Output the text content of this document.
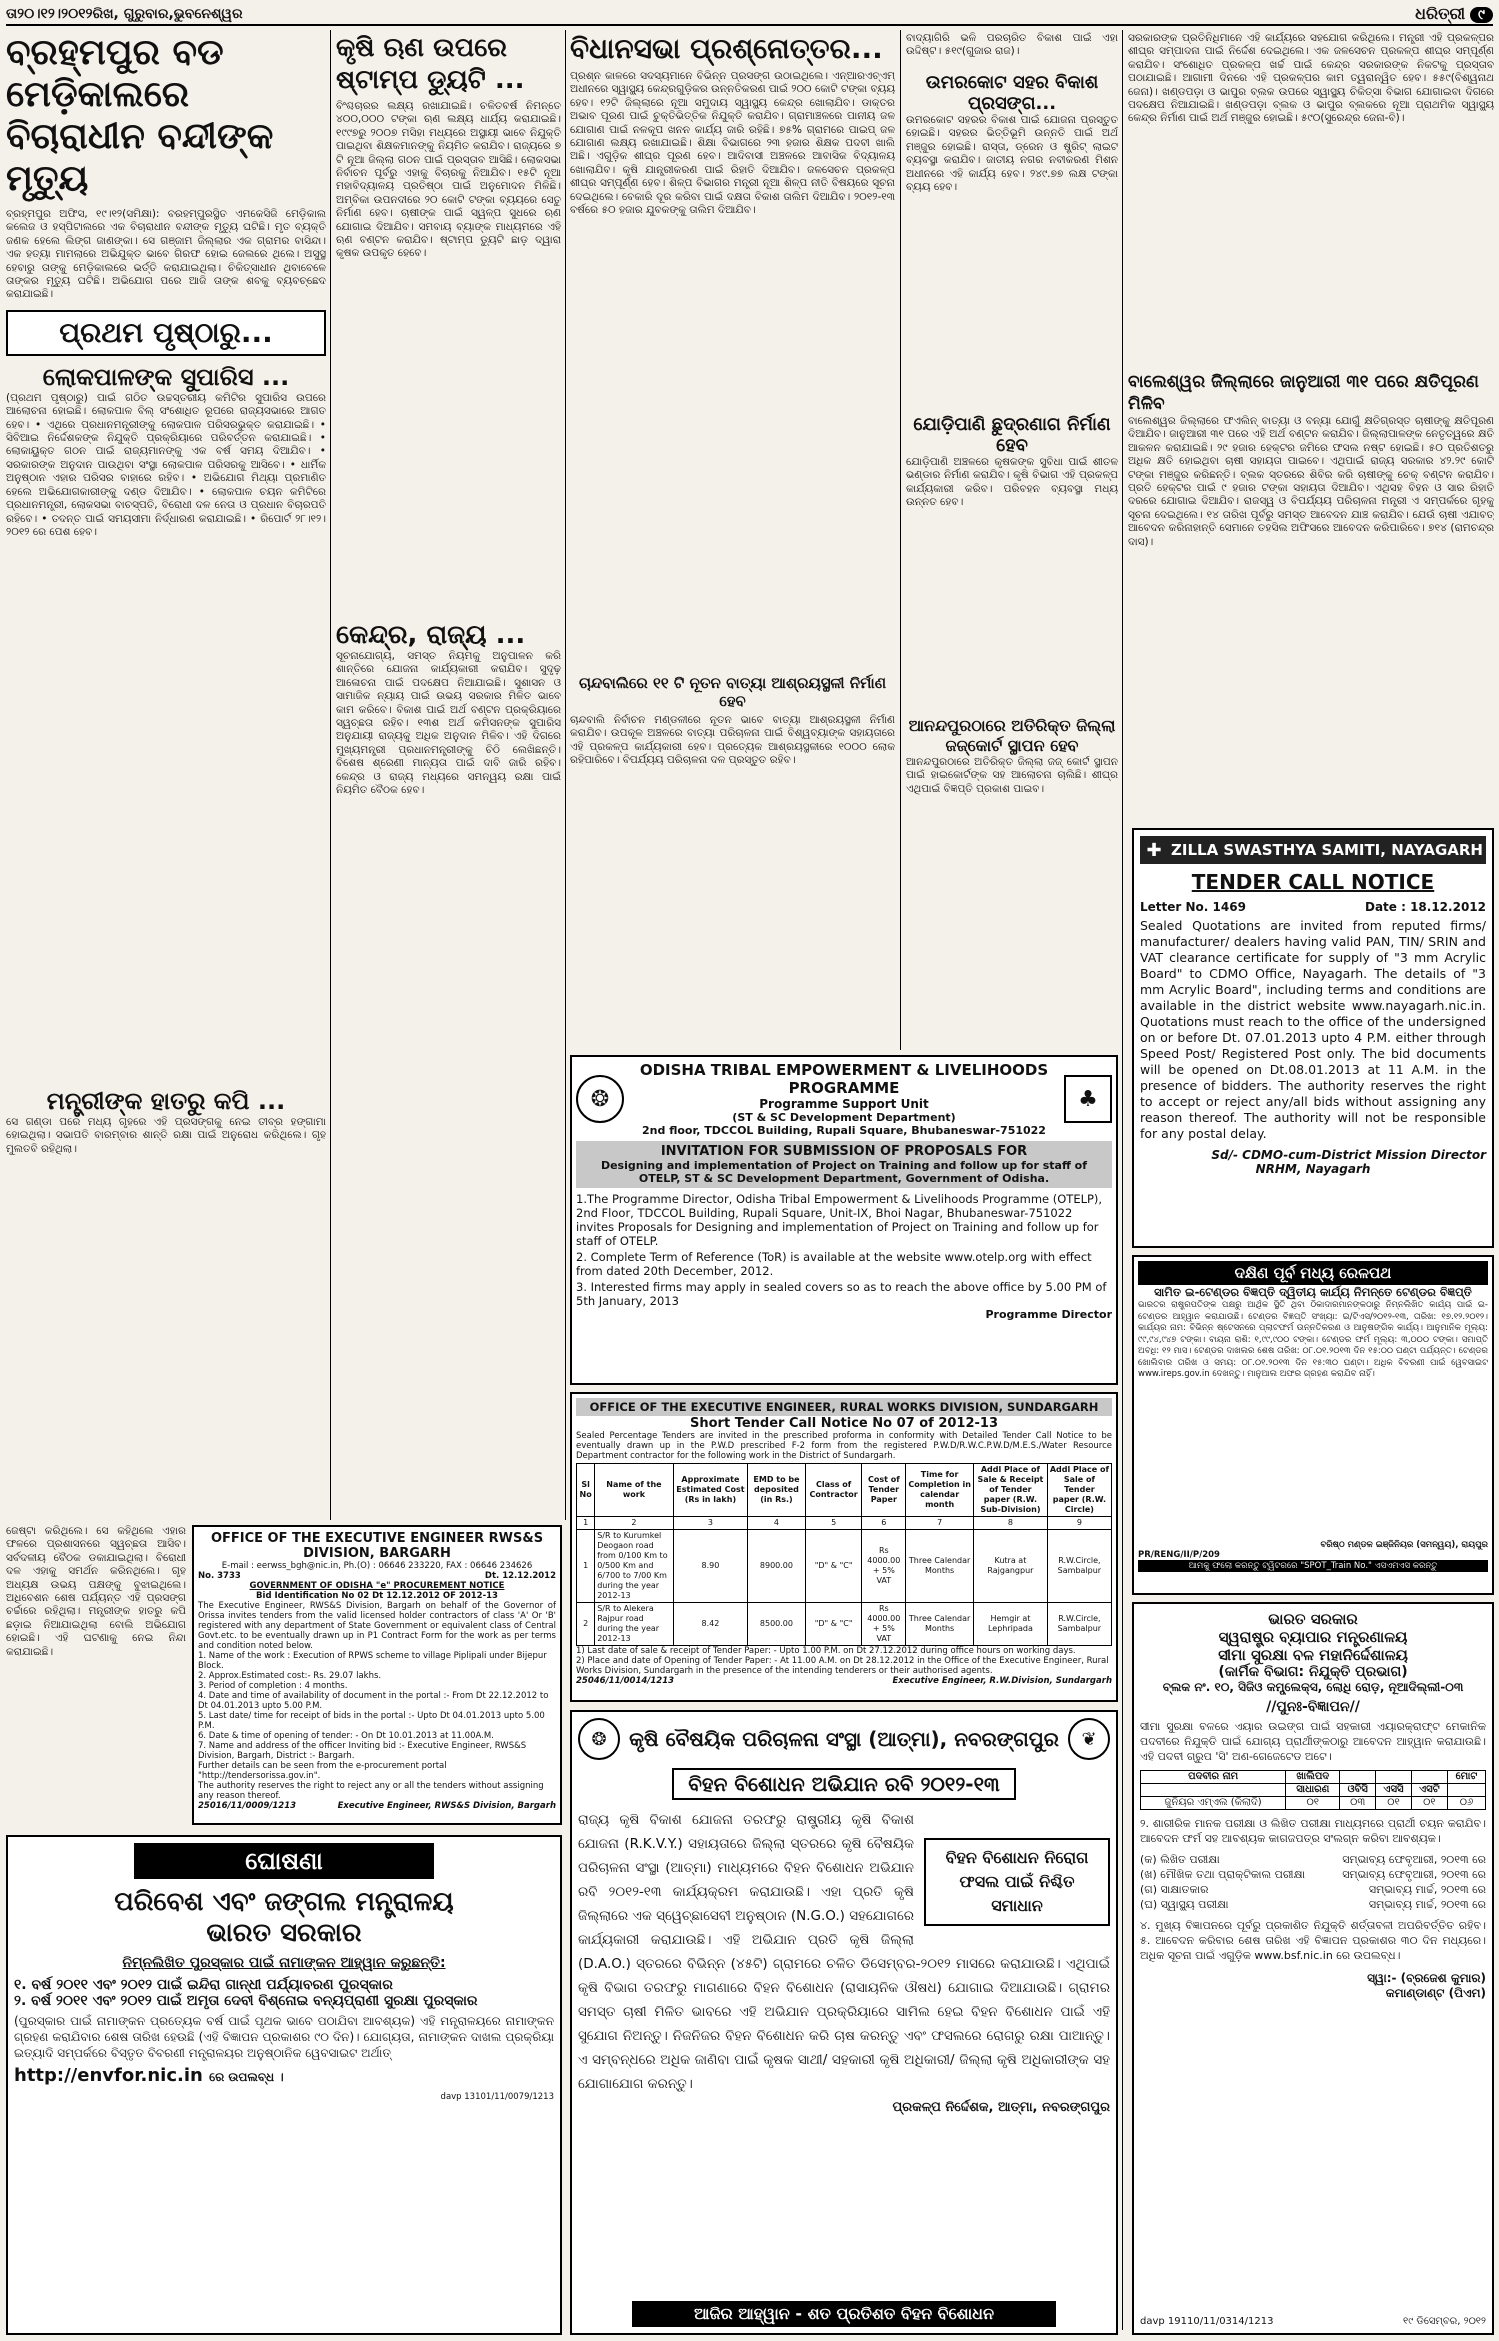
ତା୨୦।୧୨।୨୦୧୨ରିଖ, ଗୁରୁବାର,ଭୁବନେଶ୍ୱର	ଧରିତ୍ରୀ ୯
ବ୍ରହ୍ମପୁର ବଡ ମେଡ଼ିକାଲରେ ବିଚାରାଧୀନ ବନ୍ଦୀଙ୍କ ମୃତ୍ୟୁ
ବ୍ରହ୍ମପୁର ଅଫିସ, ୧୯।୧୨(ସମିକ୍ଷା): ବରହମ୍ପୁରସ୍ଥିତ ଏମକେସିଜି ମେଡ଼ିକାଲ କଲେଜ ଓ ହସ୍ପିଟାଲରେ ଏକ ବିଚାରାଧୀନ ବନ୍ଦୀଙ୍କ ମୃତ୍ୟୁ ଘଟିଛି। ମୃତ ବ୍ୟକ୍ତି ଜଣକ ହେଲେ ଲିଙ୍ଗ ଜାଣଙ୍କା। ସେ ଗଞ୍ଜାମ ଜିଲ୍ଲାର ଏକ ଗ୍ରାମର ବାସିନ୍ଦା। ଏକ ହତ୍ୟା ମାମଲାରେ ଅଭିଯୁକ୍ତ ଭାବେ ଗିରଫ ହୋଇ ଜେଲରେ ଥିଲେ। ଅସୁସ୍ଥ ହେବାରୁ ତାଙ୍କୁ ମେଡ଼ିକାଲରେ ଭର୍ତ୍ତି କରାଯାଇଥିଲା। ଚିକିତ୍ସାଧୀନ ଥିବାବେଳେ ତାଙ୍କର ମୃତ୍ୟୁ ଘଟିଛି। ଅଭିଯୋଗ ପରେ ଆଜି ତାଙ୍କ ଶବକୁ ବ୍ୟବଚ୍ଛେଦ କରାଯାଇଛି।
ପ୍ରଥମ ପୃଷ୍ଠାରୁ...
ଲୋକପାଳଙ୍କ ସୁପାରିସ ...
(ପ୍ରଥମ ପୃଷ୍ଠାରୁ) ପାଇଁ ଗଠିତ ଉଚ୍ଚସ୍ତରୀୟ କମିଟିର ସୁପାରିସ ଉପରେ ଆଲୋଚନା ହୋଇଛି। ଲୋକପାଳ ବିଲ୍ ସଂଶୋଧିତ ରୂପରେ ରାଜ୍ୟସଭାରେ ଆଗତ ହେବ। • ଏଥିରେ ପ୍ରଧାନମନ୍ତ୍ରୀଙ୍କୁ ଲୋକପାଳ ପରିସରଭୁକ୍ତ କରାଯାଇଛି। • ସିବିଆଇ ନିର୍ଦ୍ଦେଶକଙ୍କ ନିଯୁକ୍ତି ପ୍ରକ୍ରିୟାରେ ପରିବର୍ତ୍ତନ କରାଯାଇଛି। • ଲୋକାୟୁକ୍ତ ଗଠନ ପାଇଁ ରାଜ୍ୟମାନଙ୍କୁ ଏକ ବର୍ଷ ସମୟ ଦିଆଯିବ। • ସରକାରଙ୍କ ଅନୁଦାନ ପାଉଥିବା ସଂସ୍ଥା ଲୋକପାଳ ପରିସରକୁ ଆସିବେ। • ଧାର୍ମିକ ଅନୁଷ୍ଠାନ ଏହାର ପରିସର ବାହାରେ ରହିବ। • ଅଭିଯୋଗ ମିଥ୍ୟା ପ୍ରମାଣିତ ହେଲେ ଅଭିଯୋଗକାରୀଙ୍କୁ ଦଣ୍ଡ ଦିଆଯିବ। • ଲୋକପାଳ ଚୟନ କମିଟିରେ ପ୍ରଧାନମନ୍ତ୍ରୀ, ଲୋକସଭା ବାଚସ୍ପତି, ବିରୋଧୀ ଦଳ ନେତା ଓ ପ୍ରଧାନ ବିଚାରପତି ରହିବେ। • ତଦନ୍ତ ପାଇଁ ସମୟସୀମା ନିର୍ଦ୍ଧାରଣ କରାଯାଇଛି। • ରିପୋର୍ଟ ୨୮।୧୨।୨୦୧୨ ରେ ପେଶ ହେବ।
ମନ୍ତ୍ରୀଙ୍କ ହାତରୁ କପି ...
ସେ ଗଣ୍ଡା ପରେ ମଧ୍ୟ ଗୃହରେ ଏହି ପ୍ରସଙ୍ଗକୁ ନେଇ ତୀବ୍ର ହଙ୍ଗାମା ହୋଇଥିଲା। ସଭାପତି ବାରମ୍ବାର ଶାନ୍ତି ରକ୍ଷା ପାଇଁ ଅନୁରୋଧ କରିଥିଲେ। ଗୃହ ମୁଲତବି ରହିଥିଲା।
ଜେଷ୍ଟା କରିଥିଲେ। ସେ କହିଥିଲେ ଏହାର ଫଳରେ ପ୍ରଶାସନରେ ସ୍ୱଚ୍ଛତା ଆସିବ। ସର୍ବଦଳୀୟ ବୈଠକ ଡକାଯାଇଥିଲା। ବିରୋଧୀ ଦଳ ଏହାକୁ ସମର୍ଥନ କରିନଥିଲେ। ଗୃହ ଅଧ୍ୟକ୍ଷ ଉଭୟ ପକ୍ଷଙ୍କୁ ବୁଝାଇଥିଲେ। ଅଧିବେଶନ ଶେଷ ପର୍ଯ୍ୟନ୍ତ ଏହି ପ୍ରସଙ୍ଗ ଚର୍ଚ୍ଚାରେ ରହିଥିଲା। ମନ୍ତ୍ରୀଙ୍କ ହାତରୁ କପି ଛଡ଼ାଇ ନିଆଯାଇଥିଲା ବୋଲି ଅଭିଯୋଗ ହୋଇଛି। ଏହି ଘଟଣାକୁ ନେଇ ନିନ୍ଦା କରାଯାଇଛି।
OFFICE OF THE EXECUTIVE ENGINEER RWS&S DIVISION, BARGARH
E-mail : eerwss_bgh@nic.in, Ph.(O) : 06646 233220, FAX : 06646 234626
No. 3733	Dt. 12.12.2012
GOVERNMENT OF ODISHA "e" PROCUREMENT NOTICE
Bid Identification No 02 Dt 12.12.2012 OF 2012-13
The Executive Engineer, RWS&S Division, Bargarh on behalf of the Governor of Orissa invites tenders from the valid licensed holder contractors of class 'A' Or 'B' registered with any department of State Government or equivalent class of Central Govt.etc. to be eventually drawn up in P1 Contract Form for the work as per terms and condition noted below.
1. Name of the work : Execution of RPWS scheme to village Piplipali under Bijepur Block.
2. Approx.Estimated cost:- Rs. 29.07 lakhs.
3. Period of completion : 4 months.
4. Date and time of availability of document in the portal :- From Dt 22.12.2012 to Dt 04.01.2013 upto 5.00 P.M.
5. Last date/ time for receipt of bids in the portal :- Upto Dt 04.01.2013 upto 5.00 P.M.
6. Date & time of opening of tender: - On Dt 10.01.2013 at 11.00A.M.
7. Name and address of the officer Inviting bid :- Executive Engineer, RWS&S Division, Bargarh, District :- Bargarh.
Further details can be seen from the e-procurement portal "http://tendersorissa.gov.in".
The authority reserves the right to reject any or all the tenders without assigning any reason thereof.
25016/11/0009/1213	Executive Engineer, RWS&S Division, Bargarh
ଘୋଷଣା
ପରିବେଶ ଏବଂ ଜଙ୍ଗଲ ମନ୍ତ୍ରାଳୟ
ଭାରତ ସରକାର
ନିମ୍ନଲିଖିତ ପୁରସ୍କାର ପାଇଁ ନାମାଙ୍କନ ଆହ୍ୱାନ କରୁଛନ୍ତି:
୧. ବର୍ଷ ୨୦୧୧ ଏବଂ ୨୦୧୨ ପାଇଁ ଇନ୍ଦିରା ଗାନ୍ଧୀ ପର୍ଯ୍ୟାବରଣ ପୁରସ୍କାର
୨. ବର୍ଷ ୨୦୧୧ ଏବଂ ୨୦୧୨ ପାଇଁ ଅମୃତା ଦେବୀ ବିଶ୍ନୋଇ ବନ୍ୟପ୍ରାଣୀ ସୁରକ୍ଷା ପୁରସ୍କାର
(ପୁରସ୍କାର ପାଇଁ ନାମାଙ୍କନ ପ୍ରତ୍ୟେକ ବର୍ଷ ପାଇଁ ପୃଥକ ଭାବେ ପଠାଯିବା ଆବଶ୍ୟକ) ଏହି ମନ୍ତ୍ରାଳୟରେ ନାମାଙ୍କନ ଗ୍ରହଣ କରାଯିବାର ଶେଷ ତାରିଖ ହେଉଛି (ଏହି ବିଜ୍ଞାପନ ପ୍ରକାଶର ୯୦ ଦିନ)। ଯୋଗ୍ୟତା, ନାମାଙ୍କନ ଦାଖଲ ପ୍ରକ୍ରିୟା ଇତ୍ୟାଦି ସମ୍ପର୍କରେ ବିସ୍ତୃତ ବିବରଣୀ ମନ୍ତ୍ରାଳୟର ଅନୁଷ୍ଠାନିକ ୱେବସାଇଟ ଅର୍ଥାତ୍
http://envfor.nic.in ରେ ଉପଲବ୍ଧ ।
davp 13101/11/0079/1213
କୃଷି ଋଣ ଉପରେ ଷ୍ଟାମ୍ପ ଡ୍ୟୁଟି ...
ବିଂଶ୍ଚଚାରର ଲକ୍ଷ୍ୟ ରଖାଯାଇଛି। ଚଳିତବର୍ଷ ନିମନ୍ତେ ୪୦୦,୦୦୦ ଟଙ୍କା ଋଣ ଲକ୍ଷ୍ୟ ଧାର୍ଯ୍ୟ କରାଯାଇଛି। ୧୯୯୭ରୁ ୨୦୦୭ ମସିହା ମଧ୍ୟରେ ଅସ୍ଥାୟୀ ଭାବେ ନିଯୁକ୍ତି ପାଇଥିବା ଶିକ୍ଷକମାନଙ୍କୁ ନିୟମିତ କରାଯିବ। ରାଜ୍ୟରେ ୭ ଟି ନୂଆ ଜିଲ୍ଲା ଗଠନ ପାଇଁ ପ୍ରସ୍ତାବ ଆସିଛି। ଲୋକସଭା ନିର୍ବାଚନ ପୂର୍ବରୁ ଏହାକୁ ବିଚାରକୁ ନିଆଯିବ। ୧୫ଟି ନୂଆ ମହାବିଦ୍ୟାଳୟ ପ୍ରତିଷ୍ଠା ପାଇଁ ଅନୁମୋଦନ ମିଳିଛି। ଅମ୍ବିକା ଉପନଦୀରେ ୨୦ କୋଟି ଟଙ୍କା ବ୍ୟୟରେ ସେତୁ ନିର୍ମାଣ ହେବ। ଚାଷୀଙ୍କ ପାଇଁ ସ୍ୱଳ୍ପ ସୁଧରେ ଋଣ ଯୋଗାଇ ଦିଆଯିବ। ସମବାୟ ବ୍ୟାଙ୍କ ମାଧ୍ୟମରେ ଏହି ଋଣ ବଣ୍ଟନ କରାଯିବ। ଷ୍ଟାମ୍ପ ଡ୍ୟୁଟି ଛାଡ଼ ଦ୍ୱାରା କୃଷକ ଉପକୃତ ହେବେ।
କେନ୍ଦ୍ର, ରାଜ୍ୟ ...
ସୂଚନାଯୋଗ୍ୟ, ସମସ୍ତ ନିୟମକୁ ଅନୁପାଳନ କରି ଶାନ୍ତିରେ ଯୋଜନା କାର୍ଯ୍ୟକାରୀ କରାଯିବ। ସୁଦୃଢ଼ ଆଳୋଚନା ପାଇଁ ପଦକ୍ଷେପ ନିଆଯାଇଛି। ସୁଶାସନ ଓ ସାମାଜିକ ନ୍ୟାୟ ପାଇଁ ଉଭୟ ସରକାର ମିଳିତ ଭାବେ କାମ କରିବେ। ବିକାଶ ପାଇଁ ଅର୍ଥ ବଣ୍ଟନ ପ୍ରକ୍ରିୟାରେ ସ୍ୱଚ୍ଛତା ରହିବ। ୧୩ଶ ଅର୍ଥ କମିସନଙ୍କ ସୁପାରିସ ଅନୁଯାୟୀ ରାଜ୍ୟକୁ ଅଧିକ ଅନୁଦାନ ମିଳିବ। ଏହି ଦିଗରେ ମୁଖ୍ୟମନ୍ତ୍ରୀ ପ୍ରଧାନମନ୍ତ୍ରୀଙ୍କୁ ଚିଠି ଲେଖିଛନ୍ତି। ବିଶେଷ ଶ୍ରେଣୀ ମାନ୍ୟତା ପାଇଁ ଦାବି ଜାରି ରହିବ। କେନ୍ଦ୍ର ଓ ରାଜ୍ୟ ମଧ୍ୟରେ ସମନ୍ୱୟ ରକ୍ଷା ପାଇଁ ନିୟମିତ ବୈଠକ ହେବ।
ବିଧାନସଭା ପ୍ରଶ୍ନୋତ୍ତର...
ପ୍ରଶ୍ନ କାଳରେ ସଦସ୍ୟମାନେ ବିଭିନ୍ନ ପ୍ରସଙ୍ଗ ଉଠାଇଥିଲେ। ଏନ୍ଆରଏଚ୍ଏମ୍ ଅଧୀନରେ ସ୍ୱାସ୍ଥ୍ୟ କେନ୍ଦ୍ରଗୁଡ଼ିକର ଉନ୍ନତିକରଣ ପାଇଁ ୨୦୦ କୋଟି ଟଙ୍କା ବ୍ୟୟ ହେବ। ୧୨ଟି ଜିଲ୍ଲାରେ ନୂଆ ସମୁଦାୟ ସ୍ୱାସ୍ଥ୍ୟ କେନ୍ଦ୍ର ଖୋଲାଯିବ। ଡାକ୍ତର ଅଭାବ ପୂରଣ ପାଇଁ ଚୁକ୍ତିଭିତ୍ତିକ ନିଯୁକ୍ତି କରାଯିବ। ଗ୍ରାମାଞ୍ଚଳରେ ପାନୀୟ ଜଳ ଯୋଗାଣ ପାଇଁ ନଳକୂପ ଖନନ କାର୍ଯ୍ୟ ଜାରି ରହିଛି। ୭୫% ଗ୍ରାମରେ ପାଇପ୍ ଜଳ ଯୋଗାଣ ଲକ୍ଷ୍ୟ ରଖାଯାଇଛି। ଶିକ୍ଷା ବିଭାଗରେ ୨୩ ହଜାର ଶିକ୍ଷକ ପଦବୀ ଖାଲି ଅଛି। ଏଗୁଡ଼ିକ ଶୀଘ୍ର ପୂରଣ ହେବ। ଆଦିବାସୀ ଅଞ୍ଚଳରେ ଆବାସିକ ବିଦ୍ୟାଳୟ ଖୋଲାଯିବ। କୃଷି ଯାନ୍ତ୍ରୀକରଣ ପାଇଁ ରିହାତି ଦିଆଯିବ। ଜଳସେଚନ ପ୍ରକଳ୍ପ ଶୀଘ୍ର ସମ୍ପୂର୍ଣ୍ଣ ହେବ। ଶିଳ୍ପ ବିଭାଗର ମନ୍ତ୍ରୀ ନୂଆ ଶିଳ୍ପ ନୀତି ବିଷୟରେ ସୂଚନା ଦେଇଥିଲେ। ବେକାରି ଦୂର କରିବା ପାଇଁ ଦକ୍ଷତା ବିକାଶ ତାଲିମ ଦିଆଯିବ। ୨୦୧୨-୧୩ ବର୍ଷରେ ୫୦ ହଜାର ଯୁବକଙ୍କୁ ତାଲିମ ଦିଆଯିବ।
ଚାନ୍ଦବାଲିରେ ୧୧ ଟି ନୂତନ ବାତ୍ୟା ଆଶ୍ରୟସ୍ଥଳୀ ନିର୍ମାଣ ହେବ
ଚାନ୍ଦବାଲି ନିର୍ବାଚନ ମଣ୍ଡଳୀରେ ନୂତନ ଭାବେ ବାତ୍ୟା ଆଶ୍ରୟସ୍ଥଳୀ ନିର୍ମାଣ କରାଯିବ। ଉପକୂଳ ଅଞ୍ଚଳରେ ବାତ୍ୟା ପରିଚାଳନା ପାଇଁ ବିଶ୍ୱବ୍ୟାଙ୍କ ସହାୟତାରେ ଏହି ପ୍ରକଳ୍ପ କାର୍ଯ୍ୟକାରୀ ହେବ। ପ୍ରତ୍ୟେକ ଆଶ୍ରୟସ୍ଥଳୀରେ ୧୦୦୦ ଲୋକ ରହିପାରିବେ। ବିପର୍ଯ୍ୟୟ ପରିଚାଳନା ଦଳ ପ୍ରସ୍ତୁତ ରହିବ।
ବାଦ୍ୟାଗିରି ଭଳି ପରଚାରିତ ବିକାଶ ପାଇଁ ଏହା ଉଦ୍ଦିଷ୍ଟ। ୫୧୯(ଗୁଜାର ରାଜ)।
ଉମରକୋଟ ସହର ବିକାଶ ପ୍ରସଙ୍ଗ...
ଉମରକୋଟ ସହରର ବିକାଶ ପାଇଁ ଯୋଜନା ପ୍ରସ୍ତୁତ ହୋଇଛି। ସହରର ଭିତ୍ତିଭୂମି ଉନ୍ନତି ପାଇଁ ଅର୍ଥ ମଞ୍ଜୁର ହୋଇଛି। ରାସ୍ତା, ଡ୍ରେନ ଓ ଷ୍ଟ୍ରିଟ୍ ଲାଇଟ ବ୍ୟବସ୍ଥା କରାଯିବ। ଜାତୀୟ ନଗର ନବୀକରଣ ମିଶନ ଅଧୀନରେ ଏହି କାର୍ଯ୍ୟ ହେବ। ୨୪୯.୭୭ ଲକ୍ଷ ଟଙ୍କା ବ୍ୟୟ ହେବ।
ଯୋଡ଼ିପାଣି ଛୁଦ୍ରଣାଗ ନିର୍ମାଣ ହେବ
ଯୋଡ଼ିପାଣି ଅଞ୍ଚଳରେ କୃଷକଙ୍କ ସୁବିଧା ପାଇଁ ଶୀତଳ ଭଣ୍ଡାର ନିର୍ମାଣ କରାଯିବ। କୃଷି ବିଭାଗ ଏହି ପ୍ରକଳ୍ପ କାର୍ଯ୍ୟକାରୀ କରିବ। ପରିବହନ ବ୍ୟବସ୍ଥା ମଧ୍ୟ ଉନ୍ନତ ହେବ।
ଆନନ୍ଦପୁରଠାରେ ଅତିରିକ୍ତ ଜିଲ୍ଲା ଜଜ୍‌କୋର୍ଟ ସ୍ଥାପନ ହେବ
ଆନନ୍ଦପୁରଠାରେ ଅତିରିକ୍ତ ଜିଲ୍ଲା ଜଜ୍ କୋର୍ଟ ସ୍ଥାପନ ପାଇଁ ହାଇକୋର୍ଟଙ୍କ ସହ ଆଲୋଚନା ଚାଲିଛି। ଶୀଘ୍ର ଏଥିପାଇଁ ବିଜ୍ଞପ୍ତି ପ୍ରକାଶ ପାଇବ।
❂
ODISHA TRIBAL EMPOWERMENT & LIVELIHOODS PROGRAMME
Programme Support Unit
(ST & SC Development Department)
2nd floor, TDCCOL Building, Rupali Square, Bhubaneswar-751022
♣
INVITATION FOR SUBMISSION OF PROPOSALS FOR
Designing and implementation of Project on Training and follow up for staff of OTELP, ST & SC Development Department, Government of Odisha.
1.The Programme Director, Odisha Tribal Empowerment & Livelihoods Programme (OTELP), 2nd Floor, TDCCOL Building, Rupali Square, Unit-IX, Bhoi Nagar, Bhubaneswar-751022 invites Proposals for Designing and implementation of Project on Training and follow up for staff of OTELP.
2. Complete Term of Reference (ToR) is available at the website www.otelp.org with effect from dated 20th December, 2012.
3. Interested firms may apply in sealed covers so as to reach the above office by 5.00 PM of 5th January, 2013
Programme Director
OFFICE OF THE EXECUTIVE ENGINEER, RURAL WORKS DIVISION, SUNDARGARH
Short Tender Call Notice No 07 of 2012-13
Sealed Percentage Tenders are invited in the prescribed proforma in conformity with Detailed Tender Call Notice to be eventually drawn up in the P.W.D prescribed F-2 form from the registered P.W.D/R.W.C.P.W.D/M.E.S./Water Resource Department contractor for the following work in the District of Sundargarh.
Sl No	Name of the work	Approximate Estimated Cost (Rs in lakh)	EMD to be deposited (in Rs.)	Class of Contractor	Cost of Tender Paper	Time for Completion in calendar month	Addl Place of Sale & Receipt of Tender paper (R.W. Sub-Division)	Addl Place of Sale of Tender paper (R.W. Circle)
1	2	3	4	5	6	7	8	9
1	S/R to Kurumkel Deogaon road from 0/100 Km to 0/500 Km and 6/700 to 7/00 Km during the year 2012-13	8.90	8900.00	"D" & "C"	Rs 4000.00 + 5% VAT	Three Calendar Months	Kutra at Rajgangpur	R.W.Circle, Sambalpur
2	S/R to Alekera Rajpur road during the year 2012-13	8.42	8500.00	"D" & "C"	Rs 4000.00 + 5% VAT	Three Calendar Months	Hemgir at Lephripada	R.W.Circle, Sambalpur
1) Last date of sale & receipt of Tender Paper: - Upto 1.00 P.M. on Dt 27.12.2012 during office hours on working days.
2) Place and date of Opening of Tender Paper: - At 11.00 A.M. on Dt 28.12.2012 in the Office of the Executive Engineer, Rural Works Division, Sundargarh in the presence of the intending tenderers or their authorised agents.
25046/11/0014/1213	Executive Engineer, R.W.Division, Sundargarh
❂	କୃଷି ବୈଷୟିକ ପରିଚାଳନା ସଂସ୍ଥା (ଆତ୍ମା), ନବରଙ୍ଗପୁର	❦
ବିହନ ବିଶୋଧନ ଅଭିଯାନ ରବି ୨୦୧୨-୧୩
ବିହନ ବିଶୋଧନ ନିରୋଗ ଫସଲ ପାଇଁ ନିଶ୍ଚିତ ସମାଧାନ
ରାଜ୍ୟ କୃଷି ବିକାଶ ଯୋଜନା ତରଫରୁ ରାଷ୍ଟ୍ରୀୟ କୃଷି ବିକାଶ ଯୋଜନା (R.K.V.Y.) ସହାୟତାରେ ଜିଲ୍ଲା ସ୍ତରରେ କୃଷି ବୈଷୟିକ ପରିଚାଳନା ସଂସ୍ଥା (ଆତ୍ମା) ମାଧ୍ୟମରେ ବିହନ ବିଶୋଧନ ଅଭିଯାନ ରବି ୨୦୧୨-୧୩ କାର୍ଯ୍ୟକ୍ରମ କରାଯାଉଛି। ଏହା ପ୍ରତି କୃଷି ଜିଲ୍ଲାରେ ଏକ ସ୍ୱେଚ୍ଛାସେବୀ ଅନୁଷ୍ଠାନ (N.G.O.) ସହଯୋଗରେ କାର୍ଯ୍ୟକାରୀ କରାଯାଉଛି। ଏହି ଅଭିଯାନ ପ୍ରତି କୃଷି ଜିଲ୍ଲା (D.A.O.) ସ୍ତରରେ ବିଭିନ୍ନ (୪୫ଟି) ଗ୍ରାମରେ ଚଳିତ ଡିସେମ୍ବର-୨୦୧୨ ମାସରେ କରାଯାଉଛି। ଏଥିପାଇଁ କୃଷି ବିଭାଗ ତରଫରୁ ମାଗଣାରେ ବିହନ ବିଶୋଧନ (ରାସାୟନିକ ଔଷଧ) ଯୋଗାଇ ଦିଆଯାଉଛି। ଗ୍ରାମର ସମସ୍ତ ଚାଷୀ ମିଳିତ ଭାବରେ ଏହି ଅଭିଯାନ ପ୍ରକ୍ରିୟାରେ ସାମିଲ ହେଇ ବିହନ ବିଶୋଧନ ପାଇଁ ଏହି ସୁଯୋଗ ନିଅନ୍ତୁ। ନିଜନିଜର ବିହନ ବିଶୋଧନ କରି ଚାଷ କରନ୍ତୁ ଏବଂ ଫସଲରେ ରୋଗରୁ ରକ୍ଷା ପାଆନ୍ତୁ। ଏ ସମ୍ବନ୍ଧରେ ଅଧିକ ଜାଣିବା ପାଇଁ କୃଷକ ସାଥୀ/ ସହକାରୀ କୃଷି ଅଧିକାରୀ/ ଜିଲ୍ଲା କୃଷି ଅଧିକାରୀଙ୍କ ସହ ଯୋଗାଯୋଗ କରନ୍ତୁ।
ପ୍ରକଳ୍ପ ନିର୍ଦ୍ଦେଶକ, ଆତ୍ମା, ନବରଙ୍ଗପୁର
ଆଜିର ଆହ୍ୱାନ - ଶତ ପ୍ରତିଶତ ବିହନ ବିଶୋଧନ
ସରକାରଙ୍କ ପ୍ରତିନିଧିମାନେ ଏହି କାର୍ଯ୍ୟରେ ସହଯୋଗ କରିଥିଲେ। ମନ୍ତ୍ରୀ ଏହି ପ୍ରକଳ୍ପର ଶୀଘ୍ର ସମ୍ପାଦନା ପାଇଁ ନିର୍ଦ୍ଦେଶ ଦେଇଥିଲେ। ଏକ ଜଳସେଚନ ପ୍ରକଳ୍ପ ଶୀଘ୍ର ସମ୍ପୂର୍ଣ୍ଣ କରାଯିବ। ସଂଶୋଧିତ ପ୍ରକଳ୍ପ ଖର୍ଚ୍ଚ ପାଇଁ କେନ୍ଦ୍ର ସରକାରଙ୍କ ନିକଟକୁ ପ୍ରସ୍ତାବ ପଠାଯାଇଛି। ଆଗାମୀ ଦିନରେ ଏହି ପ୍ରକଳ୍ପର କାମ ତ୍ୱରାନ୍ୱିତ ହେବ। ୫୫୯(ବିଶ୍ୱନାଥ ଜେନା)। ଖଣ୍ଡପଡ଼ା ଓ ଭାପୁର ବ୍ଲକ ଉପରେ ସ୍ୱାସ୍ଥ୍ୟ ଚିକିତ୍ସା ବିଭାଗ ଯୋଗାଇବା ଦିଗରେ ପଦକ୍ଷେପ ନିଆଯାଇଛି। ଖଣ୍ଡପଡ଼ା ବ୍ଲକ ଓ ଭାପୁର ବ୍ଲକରେ ନୂଆ ପ୍ରାଥମିକ ସ୍ୱାସ୍ଥ୍ୟ କେନ୍ଦ୍ର ନିର୍ମାଣ ପାଇଁ ଅର୍ଥ ମଞ୍ଜୁର ହୋଇଛି। ୫୯୦(ସୁରେନ୍ଦ୍ର ଜେନା-ବି)।
ବାଲେଶ୍ୱର ଜିଲ୍ଲାରେ ଜାନୁଆରୀ ୩୧ ପରେ କ୍ଷତିପୂରଣ ମିଳିବ
ବାଲେଶ୍ୱର ଜିଲ୍ଲାରେ ଫଏଲିନ୍ ବାତ୍ୟା ଓ ବନ୍ୟା ଯୋଗୁଁ କ୍ଷତିଗ୍ରସ୍ତ ଚାଷୀଙ୍କୁ କ୍ଷତିପୂରଣ ଦିଆଯିବ। ଜାନୁଆରୀ ୩୧ ପରେ ଏହି ଅର୍ଥ ବଣ୍ଟନ କରାଯିବ। ଜିଲ୍ଲାପାଳଙ୍କ ନେତୃତ୍ୱରେ କ୍ଷତି ଆକଳନ କରାଯାଇଛି। ୨୯ ହଜାର ହେକ୍ଟର ଜମିରେ ଫସଲ ନଷ୍ଟ ହୋଇଛି। ୫୦ ପ୍ରତିଶତରୁ ଅଧିକ କ୍ଷତି ହୋଇଥିବା ଚାଷୀ ସହାୟତା ପାଇବେ। ଏଥିପାଇଁ ରାଜ୍ୟ ସରକାର ୪୨.୨୯ କୋଟି ଟଙ୍କା ମଞ୍ଜୁର କରିଛନ୍ତି। ବ୍ଲକ ସ୍ତରରେ ଶିବିର କରି ଚାଷୀଙ୍କୁ ଚେକ୍ ବଣ୍ଟନ କରାଯିବ। ପ୍ରତି ହେକ୍ଟର ପାଇଁ ୯ ହଜାର ଟଙ୍କା ସହାୟତା ଦିଆଯିବ। ଏଥିସହ ବିହନ ଓ ସାର ରିହାତି ଦରରେ ଯୋଗାଇ ଦିଆଯିବ। ରାଜସ୍ୱ ଓ ବିପର୍ଯ୍ୟୟ ପରିଚାଳନା ମନ୍ତ୍ରୀ ଏ ସମ୍ପର୍କରେ ଗୃହକୁ ସୂଚନା ଦେଇଥିଲେ। ୧୪ ତାରିଖ ପୂର୍ବରୁ ସମସ୍ତ ଆବେଦନ ଯାଞ୍ଚ କରାଯିବ। ଯେଉଁ ଚାଷୀ ଏଯାବତ୍ ଆବେଦନ କରିନାହାନ୍ତି ସେମାନେ ତହସିଲ ଅଫିସରେ ଆବେଦନ କରିପାରିବେ। ୭୧୪ (ରାମଚନ୍ଦ୍ର ଦାସ)।
✚ ZILLA SWASTHYA SAMITI, NAYAGARH
TENDER CALL NOTICE
Letter No. 1469	Date : 18.12.2012
Sealed Quotations are invited from reputed firms/ manufacturer/ dealers having valid PAN, TIN/ SRIN and VAT clearance certificate for supply of "3 mm Acrylic Board" to CDMO Office, Nayagarh. The details of "3 mm Acrylic Board", including terms and conditions are available in the district website www.nayagarh.nic.in. Quotations must reach to the office of the undersigned on or before Dt. 07.01.2013 upto 4 P.M. either through Speed Post/ Registered Post only. The bid documents will be opened on Dt.08.01.2013 at 11 A.M. in the presence of bidders. The authority reserves the right to accept or reject any/all bids without assigning any reason thereof. The authority will not be responsible for any postal delay.
Sd/- CDMO-cum-District Mission Director
NRHM, Nayagarh
ଦକ୍ଷିଣ ପୂର୍ବ ମଧ୍ୟ ରେଳପଥ
ସାମିତ ଇ-ଟେଣ୍ଡର ବିଜ୍ଞପ୍ତି ଦ୍ୱିତୀୟ କାର୍ଯ୍ୟ ନିମନ୍ତେ ଟେଣ୍ଡର ବିଜ୍ଞପ୍ତି
ଭାରତର ରାଷ୍ଟ୍ରପତିଙ୍କ ପକ୍ଷରୁ ଆର୍ଥିକ ସ୍ଥିତି ଥିବା ଠିକାଦାରମାନଙ୍କଠାରୁ ନିମ୍ନଲିଖିତ କାର୍ଯ୍ୟ ପାଇଁ ଇ-ଟେଣ୍ଡର ଆହ୍ୱାନ କରାଯାଉଛି। ଟେଣ୍ଡର ବିଜ୍ଞପ୍ତି ସଂଖ୍ୟା: ଇ/ଟିଏସ/୨୦୧୨-୧୩, ତାରିଖ: ୧୭.୧୨.୨୦୧୨। କାର୍ଯ୍ୟର ନାମ: ବିଭିନ୍ନ ଷ୍ଟେସନରେ ପ୍ଲାଟଫର୍ମ ଉନ୍ନତିକରଣ ଓ ଆନୁଷଙ୍ଗିକ କାର୍ଯ୍ୟ। ଆନୁମାନିକ ମୂଲ୍ୟ: ୯୯,୯୪,୯୪୭ ଟଙ୍କା। ବାୟନା ରାଶି: ୧,୯୯,୯୦୦ ଟଙ୍କା। ଟେଣ୍ଡର ଫର୍ମ ମୂଲ୍ୟ: ୩,୦୦୦ ଟଙ୍କା। ସମାପ୍ତି ଅବଧି: ୧୨ ମାସ। ଟେଣ୍ଡର ଦାଖଲର ଶେଷ ତାରିଖ: ୦୮.୦୧.୨୦୧୩ ଦିନ ୧୫:୦୦ ଘଣ୍ଟା ପର୍ଯ୍ୟନ୍ତ। ଟେଣ୍ଡର ଖୋଲିବାର ତାରିଖ ଓ ସମୟ: ୦୮.୦୧.୨୦୧୩ ଦିନ ୧୫:୩୦ ଘଣ୍ଟା। ଅଧିକ ବିବରଣୀ ପାଇଁ ୱେବସାଇଟ www.ireps.gov.in ଦେଖନ୍ତୁ। ମାନୁଆଲ ଅଫର ଗ୍ରହଣ କରାଯିବ ନାହିଁ।
ବରିଷ୍ଠ ମଣ୍ଡଳ ଇଞ୍ଜିନିୟର (ସମନ୍ୱୟ), ରାୟପୁର
PR/RENG/II/P/209
ଆମକୁ ଫଲୋ କରନ୍ତୁ ଟ୍ୱିଟରରେ "SPOT_Train No." ଏସଏମଏସ କରନ୍ତୁ
ଭାରତ ସରକାର
ସ୍ୱରାଷ୍ଟ୍ର ବ୍ୟାପାର ମନ୍ତ୍ରଣାଳୟ
ସୀମା ସୁରକ୍ଷା ବଳ ମହାନିର୍ଦ୍ଦେଶାଳୟ
(କାର୍ମିକ ବିଭାଗ: ନିଯୁକ୍ତି ପ୍ରଭାଗ)
ବ୍ଲକ ନଂ. ୧୦, ସିଜିଓ କମ୍ପ୍ଲେକ୍ସ, ଲୋଧି ରୋଡ଼, ନୂଆଦିଲ୍ଲୀ-୦୩
//ପୁନଃ-ବିଜ୍ଞାପନ//
ସୀମା ସୁରକ୍ଷା ବଳରେ ଏୟାର ଉଇଙ୍ଗ ପାଇଁ ସହକାରୀ ଏୟାରକ୍ରାଫ୍ଟ ମେକାନିକ ପଦବୀରେ ନିଯୁକ୍ତି ପାଇଁ ଯୋଗ୍ୟ ପ୍ରାର୍ଥୀଙ୍କଠାରୁ ଆବେଦନ ଆହ୍ୱାନ କରାଯାଉଛି। ଏହି ପଦବୀ ଗ୍ରୁପ 'ସି' ଅଣ-ଗେଜେଟେଡ ଅଟେ।
ପଦବୀର ନାମ	ଖାଲିପଦ				ମୋଟ
	ସାଧାରଣ	ଓବିସି	ଏସସି	ଏସଟି	
ଜୁନିୟର ଏମ୍‌ଏଲ (କିଲାଦି)	୦୧	୦୩	୦୧	୦୧	୦୬
୨. ଶାରୀରିକ ମାନକ ପରୀକ୍ଷା ଓ ଲିଖିତ ପରୀକ୍ଷା ମାଧ୍ୟମରେ ପ୍ରାର୍ଥୀ ଚୟନ କରାଯିବ। ଆବେଦନ ଫର୍ମ ସହ ଆବଶ୍ୟକ କାଗଜପତ୍ର ସଂଲଗ୍ନ କରିବା ଆବଶ୍ୟକ।
(କ) ଲିଖିତ ପରୀକ୍ଷା	ସମ୍ଭାବ୍ୟ ଫେବୃଆରୀ, ୨୦୧୩ ରେ
(ଖ) ମୌଖିକ ତଥା ପ୍ରାକ୍ଟିକାଲ ପରୀକ୍ଷା	ସମ୍ଭାବ୍ୟ ଫେବୃଆରୀ, ୨୦୧୩ ରେ
(ଗ) ସାକ୍ଷାତକାର	ସମ୍ଭାବ୍ୟ ମାର୍ଚ୍ଚ, ୨୦୧୩ ରେ
(ଘ) ସ୍ୱାସ୍ଥ୍ୟ ପରୀକ୍ଷା	ସମ୍ଭାବ୍ୟ ମାର୍ଚ୍ଚ, ୨୦୧୩ ରେ
୪. ମୁଖ୍ୟ ବିଜ୍ଞାପନରେ ପୂର୍ବରୁ ପ୍ରକାଶିତ ନିଯୁକ୍ତି ଶର୍ତ୍ତାବଳୀ ଅପରିବର୍ତ୍ତିତ ରହିବ। ୫. ଆବେଦନ କରିବାର ଶେଷ ତାରିଖ ଏହି ବିଜ୍ଞାପନ ପ୍ରକାଶର ୩୦ ଦିନ ମଧ୍ୟରେ। ଅଧିକ ସୂଚନା ପାଇଁ ଏଗୁଡ଼ିକ www.bsf.nic.in ରେ ଉପଲବ୍ଧ।
ସ୍ୱା:- (ବ୍ରଜେଶ କୁମାର)
କମାଣ୍ଡାଣ୍ଟ (ପିଏମ)
davp 19110/11/0314/1213	୧୯ ଡିସେମ୍ବର, ୨୦୧୨
